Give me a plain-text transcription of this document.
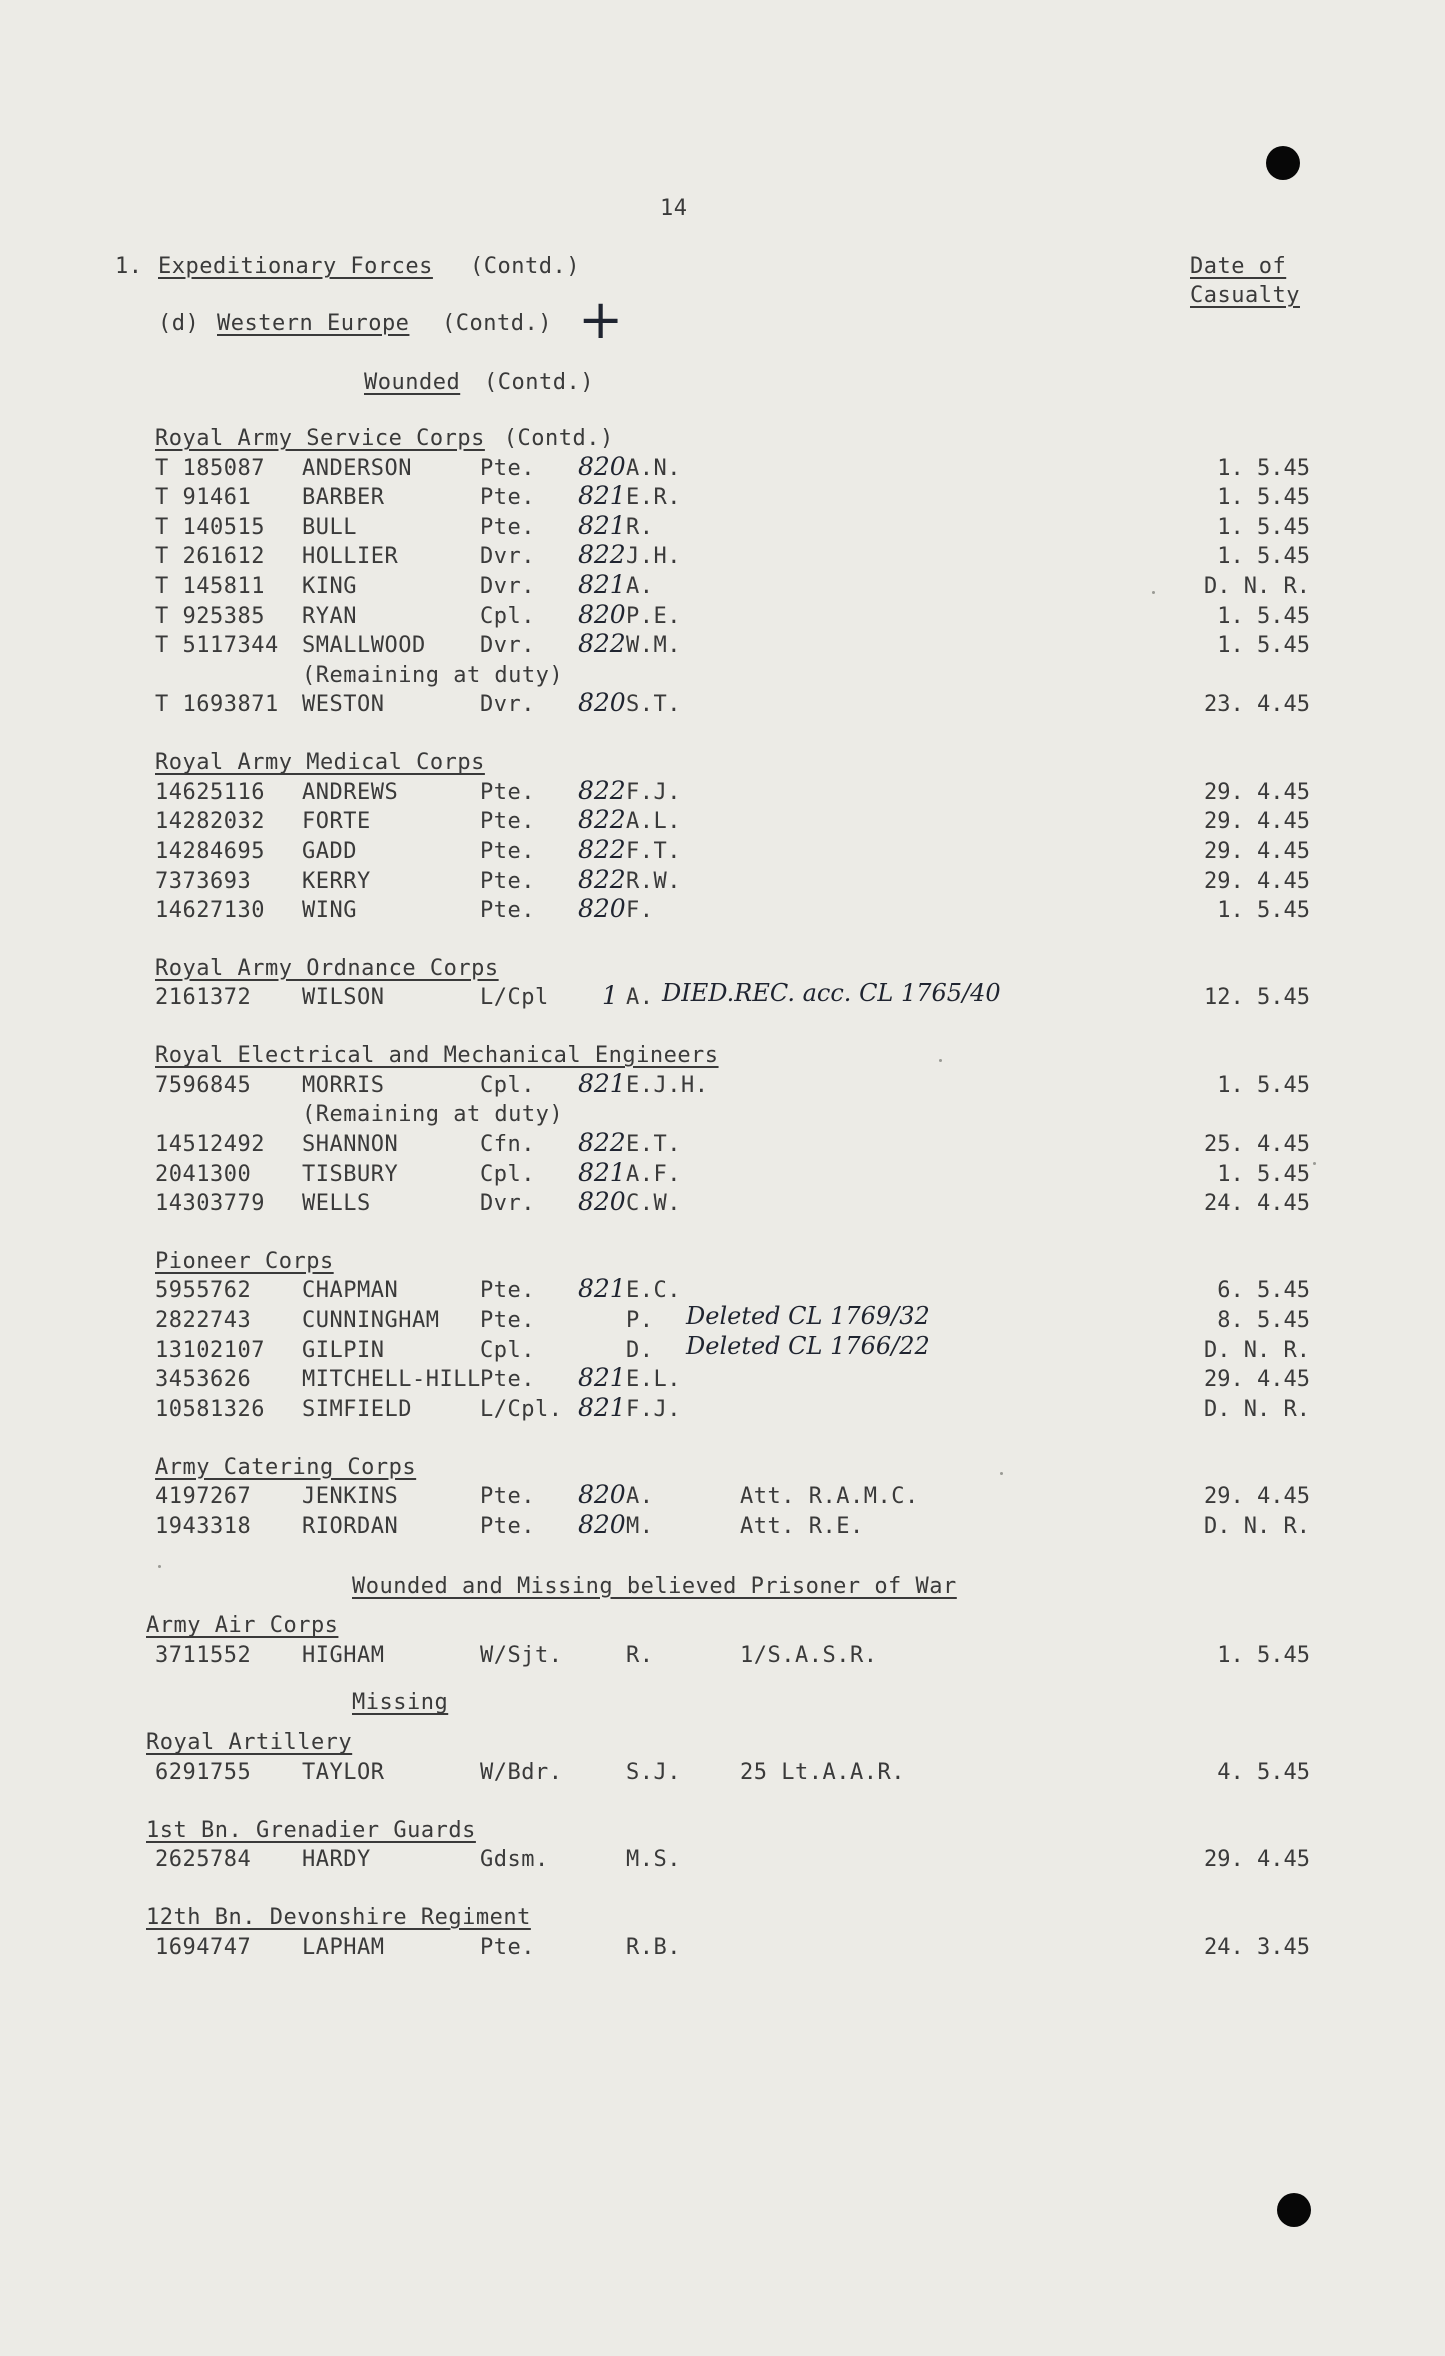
14
1. Expeditionary Forces (Contd.)
(d) Western Europe (Contd.) +
Wounded (Contd.)
Date of
Casualty
Royal Army Service Corps (Contd.)
T 185087 ANDERSON	Pte. 820 A.N.	1. 5.45
T 91461 BARBER	Pte. 821 E.R.	1. 5.45
T 140515 BULL	Pte. 821 R.	1. 5.45
T 261612 HOLLIER	Dvr. 822 J.H.	1. 5.45
T 145811 KING	Dvr. 821 A.	D. N. R.
T 925385 RYAN	Cpl. 820 P.E.	1. 5.45
T 5117344 SMALLWOOD Dvr. 822 W.M.	1. 5.45
(Remaining at duty)
T 1693871 WESTON	Dvr. 820 S.T.	23. 4.45
Royal Army Medical Corps
14625116 ANDREWS	Pte. 822 F.J.	29. 4.45
14282032 FORTE	Pte. 822 A.L.	29. 4.45
14284695 GADD	Pte. 822 F.T.	29. 4.45
7373693 KERRY	Pte. 822 R.W.	29. 4.45
14627130 WING	Pte. 820 F.	1. 5.45
Royal Army Ordnance Corps
2161372 WILSON	L/Cpl 1 A. DIED.REC. acc. CL 1765/40	12. 5.45
Royal Electrical and Mechanical Engineers
7596845 MORRIS	Cpl. 821 E.J.H.	1. 5.45
(Remaining at duty)
14512492 SHANNON	Cfn. 822 E.T.	25. 4.45
2041300 TISBURY	Cpl. 821 A.F.	1. 5.45
14303779 WELLS	Dvr. 820 C.W.	24. 4.45
Pioneer Corps
5955762 CHAPMAN	Pte. 821 E.C.	6. 5.45
2822743 CUNNINGHAM Pte.	P. Deleted CL 1769/32	8. 5.45
13102107 GILPIN	Cpl.	D. Deleted CL 1766/22	D. N. R.
3453626 MITCHELL-HILL Pte. 821 E.L.	29. 4.45
10581326 SIMFIELD	L/Cpl. 821 F.J.	D. N. R.
Army Catering Corps
4197267 JENKINS	Pte. 820 A.	Att. R.A.M.C.	29. 4.45
1943318 RIORDAN	Pte. 820 M.	Att. R.E.	D. N. R.
Wounded and Missing believed Prisoner of War
Army Air Corps
3711552 HIGHAM	W/Sjt.	R.	1/S.A.S.R.	1. 5.45
Missing
Royal Artillery
6291755 TAYLOR	W/Bdr.	S.J.	25 Lt.A.A.R.	4. 5.45
1st Bn. Grenadier Guards
2625784 HARDY	Gdsm.	M.S.	29. 4.45
12th Bn. Devonshire Regiment
1694747 LAPHAM	Pte.	R.B.	24. 3.45
